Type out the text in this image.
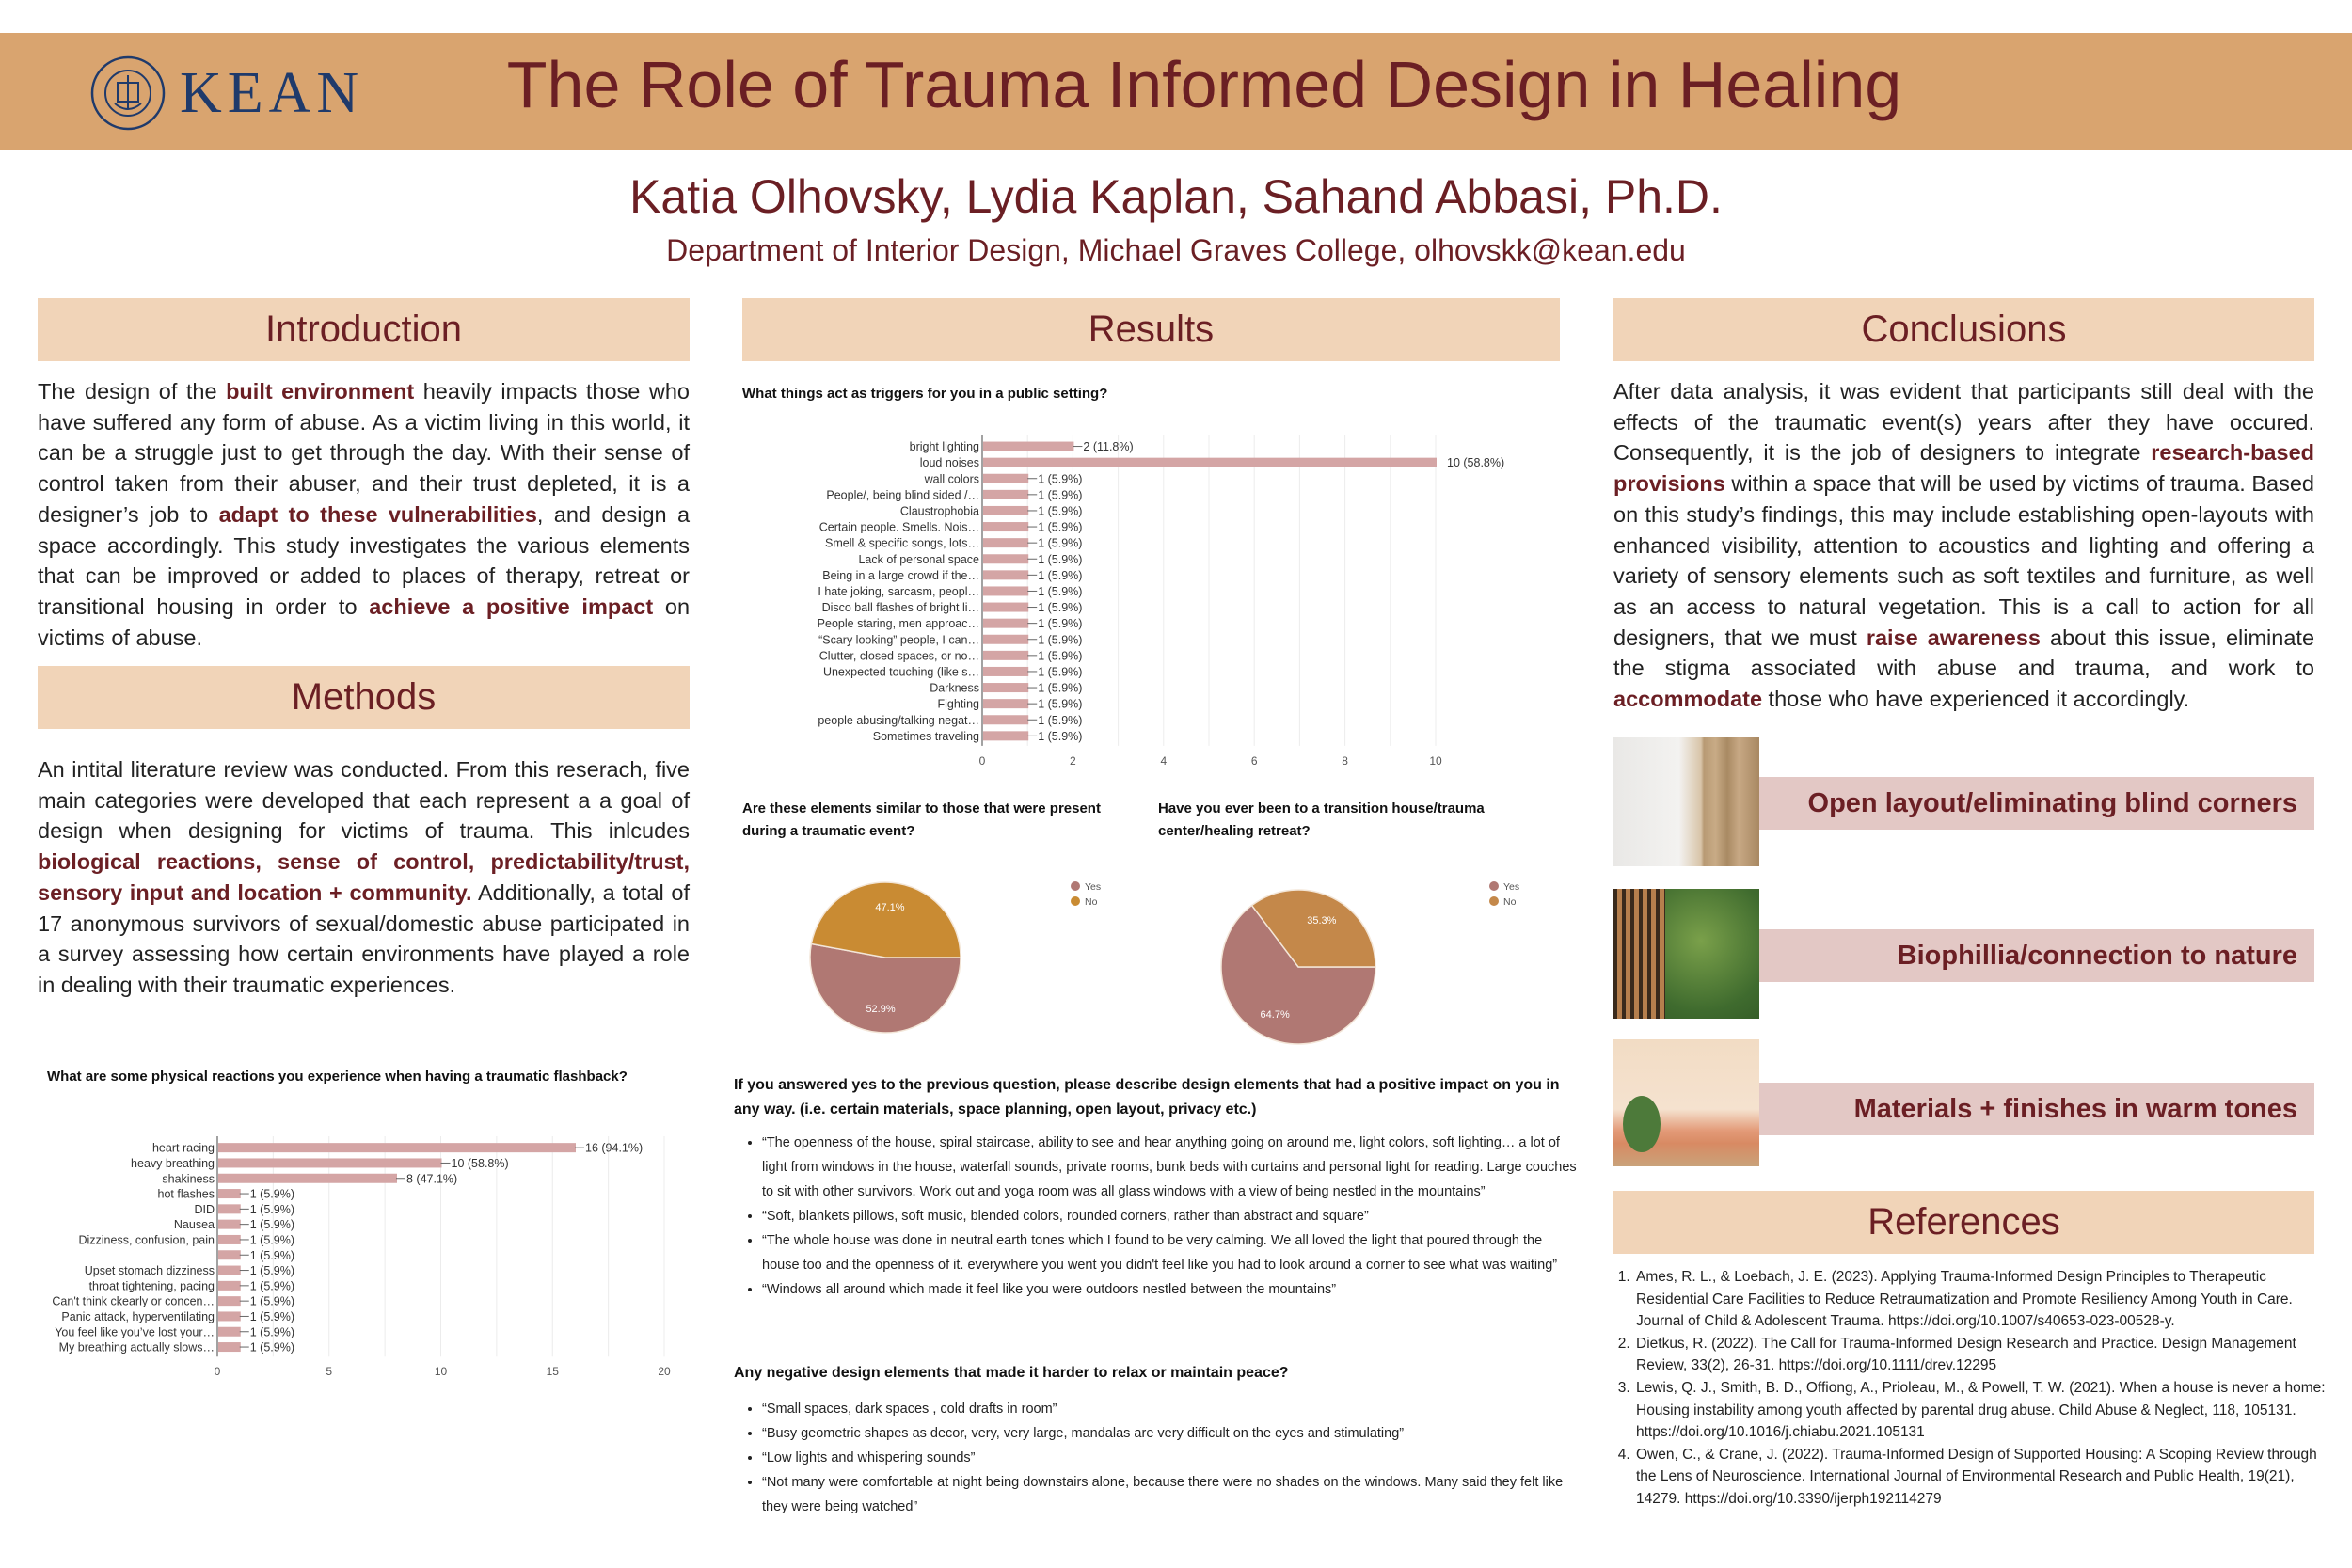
KEAN	The Role of Trauma Informed Design in Healing
Katia Olhovsky, Lydia Kaplan, Sahand Abbasi, Ph.D.
Department of Interior Design, Michael Graves College, olhovskk@kean.edu
Introduction
The design of the built environment heavily impacts those who have suffered any form of abuse. As a victim living in this world, it can be a struggle just to get through the day. With their sense of control taken from their abuser, and their trust depleted, it is a designer’s job to adapt to these vulnerabilities, and design a space accordingly. This study investigates the various elements that can be improved or added to places of therapy, retreat or transitional housing in order to achieve a positive impact on victims of abuse.
Methods
An intital literature review was conducted. From this reserach, five main categories were developed that each represent a a goal of design when designing for victims of trauma. This inlcudes biological reactions, sense of control, predictability/trust, sensory input and location + community. Additionally, a total of 17 anonymous survivors of sexual/domestic abuse participated in a survey assessing how certain environments have played a role in dealing with their traumatic experiences.
What are some physical reactions you experience when having a traumatic flashback?
0	5	10	15	20
heart racing	16 (94.1%)
heavy breathing	10 (58.8%)
shakiness	8 (47.1%)
hot flashes	1 (5.9%)
DID	1 (5.9%)
Nausea	1 (5.9%)
Dizziness, confusion, pain	1 (5.9%)
1 (5.9%)
Upset stomach dizziness	1 (5.9%)
throat tightening, pacing	1 (5.9%)
Can't think ckearly or concen…	1 (5.9%)
Panic attack, hyperventilating	1 (5.9%)
You feel like you’ve lost your…	1 (5.9%)
My breathing actually slows…	1 (5.9%)
Results
What things act as triggers for you in a public setting?
0	2	4	6	8	10
bright lighting	2 (11.8%)
loud noises	10 (58.8%)
wall colors	1 (5.9%)
People/, being blind sided /…	1 (5.9%)
Claustrophobia	1 (5.9%)
Certain people. Smells. Nois…	1 (5.9%)
Smell & specific songs, lots…	1 (5.9%)
Lack of personal space	1 (5.9%)
Being in a large crowd if the…	1 (5.9%)
I hate joking, sarcasm, peopl…	1 (5.9%)
Disco ball flashes of bright li…	1 (5.9%)
People staring, men approac…	1 (5.9%)
“Scary looking” people, I can…	1 (5.9%)
Clutter, closed spaces, or no…	1 (5.9%)
Unexpected touching (like s…	1 (5.9%)
Darkness	1 (5.9%)
Fighting	1 (5.9%)
people abusing/talking negat…	1 (5.9%)
Sometimes traveling	1 (5.9%)
Are these elements similar to those that were present during a traumatic event?
Have you ever been to a transition house/trauma center/healing retreat?
52.9%
Yes
47.1%	No
64.7%
Yes
35.3%
No
If you answered yes to the previous question, please describe design elements that had a positive impact on you in any way. (i.e. certain materials, space planning, open layout, privacy etc.)
• “The openness of the house, spiral staircase, ability to see and hear anything going on around me, light colors, soft lighting… a lot of light from windows in the house, waterfall sounds, private rooms, bunk beds with curtains and personal light for reading. Large couches to sit with other survivors. Work out and yoga room was all glass windows with a view of being nestled in the mountains”
• “Soft, blankets pillows, soft music, blended colors, rounded corners, rather than abstract and square”
• “The whole house was done in neutral earth tones which I found to be very calming. We all loved the light that poured through the house too and the openness of it. everywhere you went you didn't feel like you had to look around a corner to see what was waiting”
• “Windows all around which made it feel like you were outdoors nestled between the mountains”
Any negative design elements that made it harder to relax or maintain peace?
• “Small spaces, dark spaces , cold drafts in room”
• “Busy geometric shapes as decor, very, very large, mandalas are very difficult on the eyes and stimulating”
• “Low lights and whispering sounds”
• “Not many were comfortable at night being downstairs alone, because there were no shades on the windows. Many said they felt like they were being watched”
Conclusions
After data analysis, it was evident that participants still deal with the effects of the traumatic event(s) years after they have occured. Consequently, it is the job of designers to integrate research-based provisions within a space that will be used by victims of trauma. Based on this study’s findings, this may include establishing open-layouts with enhanced visibility, attention to acoustics and lighting and offering a variety of sensory elements such as soft textiles and furniture, as well as an access to natural vegetation. This is a call to action for all designers, that we must raise awareness about this issue, eliminate the stigma associated with abuse and trauma, and work to accommodate those who have experienced it accordingly.
Open layout/eliminating blind corners
Biophillia/connection to nature
Materials + finishes in warm tones
References
1. Ames, R. L., & Loebach, J. E. (2023). Applying Trauma-Informed Design Principles to Therapeutic Residential Care Facilities to Reduce Retraumatization and Promote Resiliency Among Youth in Care. Journal of Child & Adolescent Trauma. https://doi.org/10.1007/s40653-023-00528-y.
2. Dietkus, R. (2022). The Call for Trauma-Informed Design Research and Practice. Design Management Review, 33(2), 26-31. https://doi.org/10.1111/drev.12295
3. Lewis, Q. J., Smith, B. D., Offiong, A., Prioleau, M., & Powell, T. W. (2021). When a house is never a home: Housing instability among youth affected by parental drug abuse. Child Abuse & Neglect, 118, 105131. https://doi.org/10.1016/j.chiabu.2021.105131
4. Owen, C., & Crane, J. (2022). Trauma-Informed Design of Supported Housing: A Scoping Review through the Lens of Neuroscience. International Journal of Environmental Research and Public Health, 19(21), 14279. https://doi.org/10.3390/ijerph192114279
